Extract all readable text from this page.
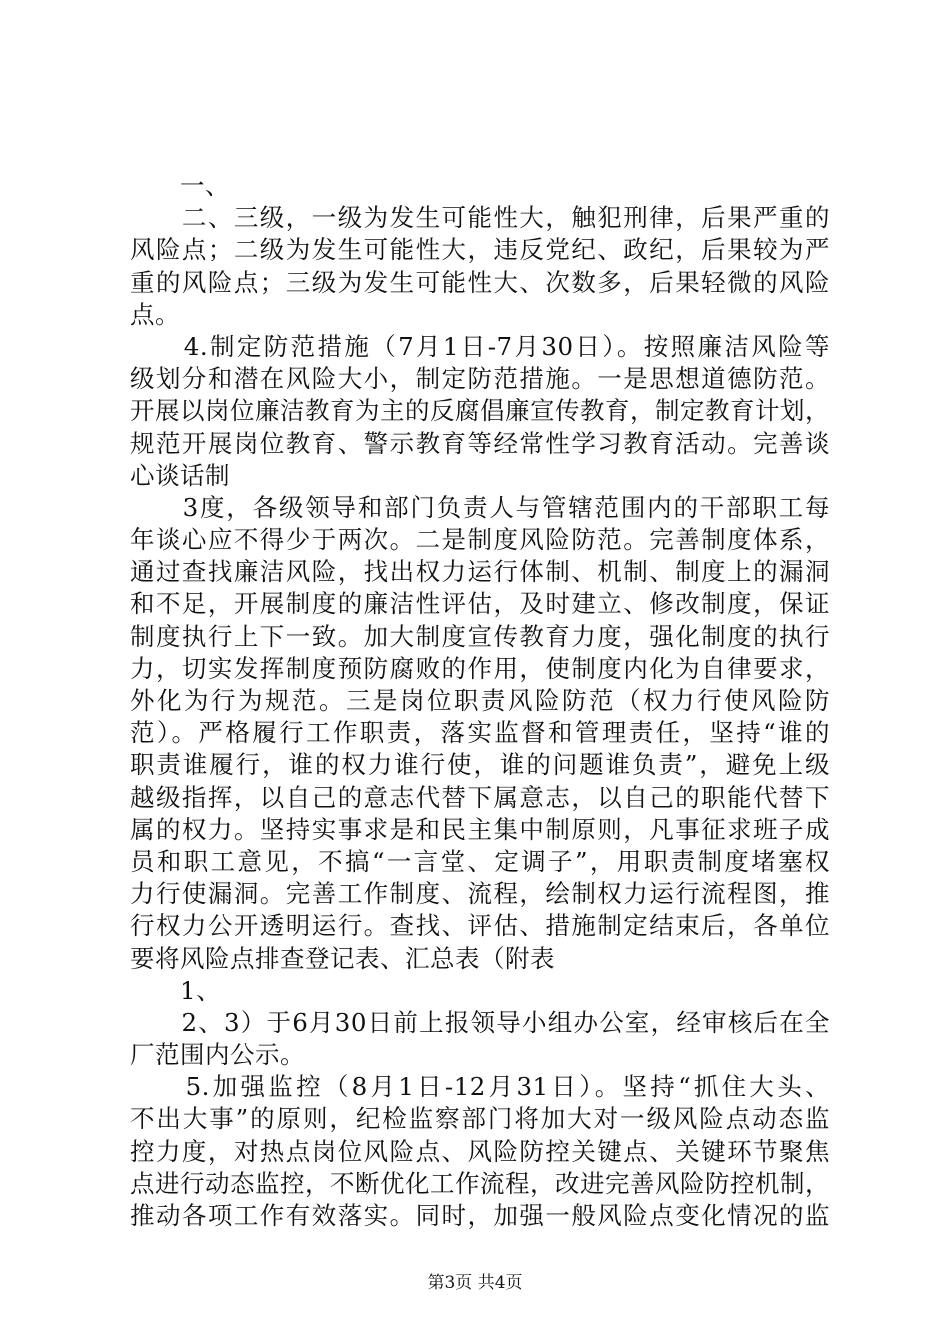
　　一、
　　二、三级，一级为发生可能性大，触犯刑律，后果严重的
风险点；二级为发生可能性大，违反党纪、政纪，后果较为严
重的风险点；三级为发生可能性大、次数多，后果轻微的风险
点。
　　4.制定防范措施（7月1日-7月30日）。按照廉洁风险等
级划分和潜在风险大小，制定防范措施。一是思想道德防范。
开展以岗位廉洁教育为主的反腐倡廉宣传教育，制定教育计划，
规范开展岗位教育、警示教育等经常性学习教育活动。完善谈
心谈话制
　　3度，各级领导和部门负责人与管辖范围内的干部职工每
年谈心应不得少于两次。二是制度风险防范。完善制度体系，
通过查找廉洁风险，找出权力运行体制、机制、制度上的漏洞
和不足，开展制度的廉洁性评估，及时建立、修改制度，保证
制度执行上下一致。加大制度宣传教育力度，强化制度的执行
力，切实发挥制度预防腐败的作用，使制度内化为自律要求，
外化为行为规范。三是岗位职责风险防范（权力行使风险防
范）。严格履行工作职责，落实监督和管理责任，坚持“谁的
职责谁履行，谁的权力谁行使，谁的问题谁负责”，避免上级
越级指挥，以自己的意志代替下属意志，以自己的职能代替下
属的权力。坚持实事求是和民主集中制原则，凡事征求班子成
员和职工意见，不搞“一言堂、定调子”，用职责制度堵塞权
力行使漏洞。完善工作制度、流程，绘制权力运行流程图，推
行权力公开透明运行。查找、评估、措施制定结束后，各单位
要将风险点排查登记表、汇总表（附表
　　1、
　　2、3）于6月30日前上报领导小组办公室，经审核后在全
厂范围内公示。
　　5.加强监控（8月1日-12月31日）。坚持“抓住大头、
不出大事”的原则，纪检监察部门将加大对一级风险点动态监
控力度，对热点岗位风险点、风险防控关键点、关键环节聚焦
点进行动态监控，不断优化工作流程，改进完善风险防控机制，
推动各项工作有效落实。同时，加强一般风险点变化情况的监
第3页 共4页
